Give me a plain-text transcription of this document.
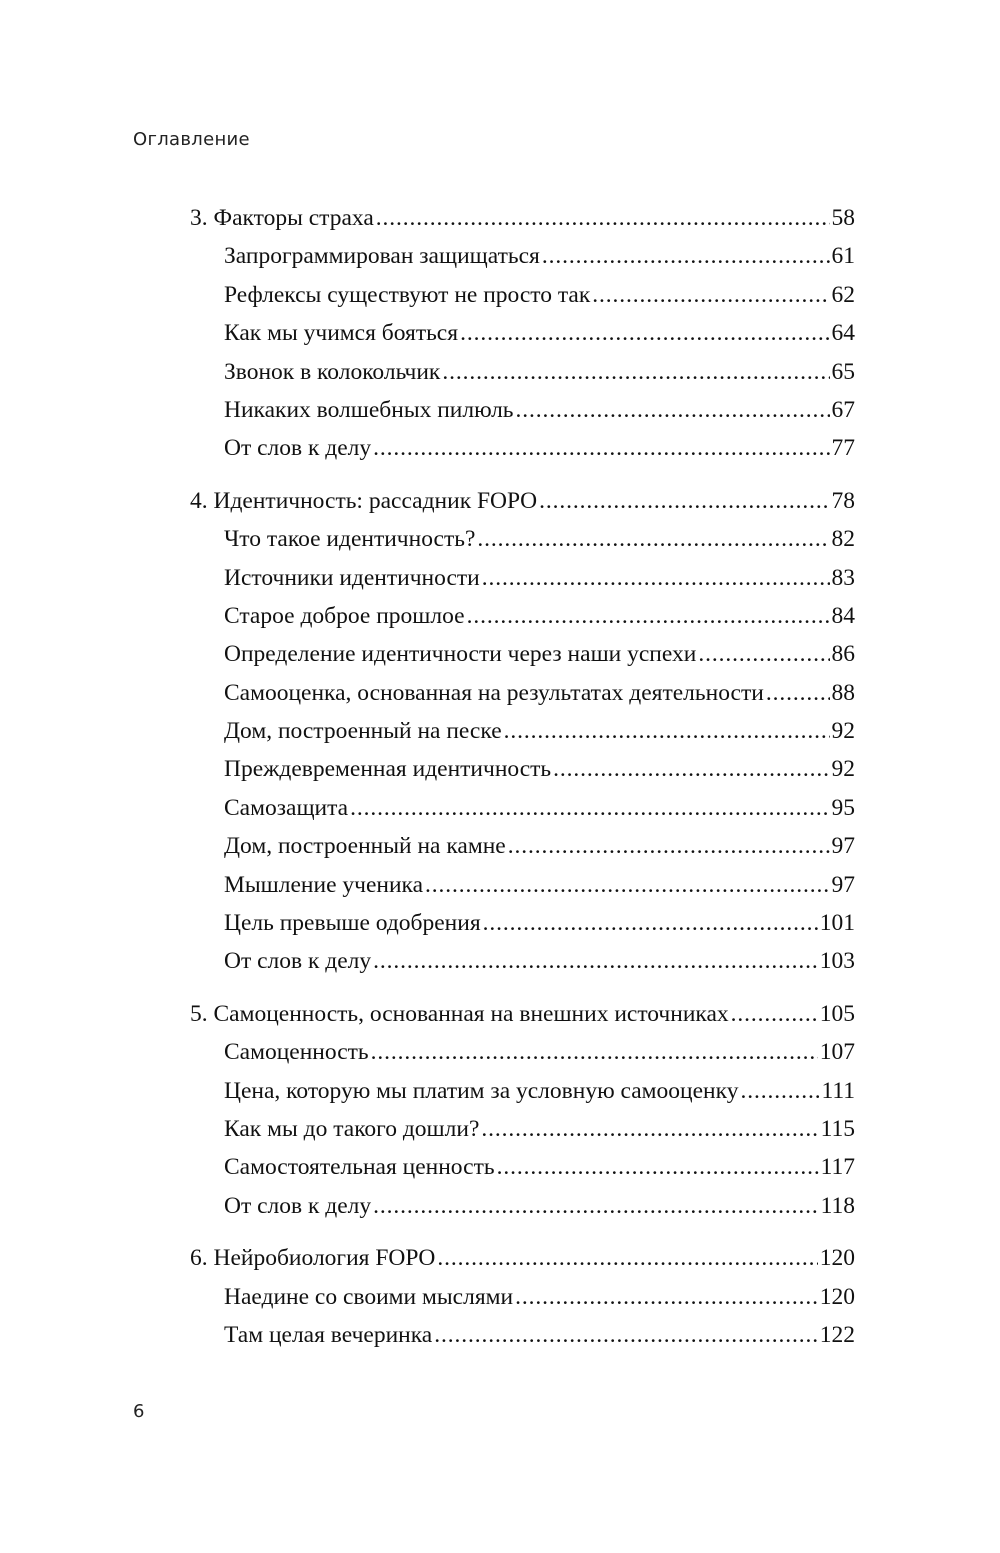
Оглавление
3. Факторы страха . . .	58
Запрограммирован защищаться . . .	61
Рефлексы существуют не просто так . . .	62
Как мы учимся бояться . . .	64
Звонок в колокольчик . . .	65
Никаких волшебных пилюль . . .	67
От слов к делу . . .	77
4. Идентичность: рассадник FOPO . . .	78
Что такое идентичность? . . .	82
Источники идентичности . . .	83
Старое доброе прошлое . . .	84
Определение идентичности через наши успехи . . .	86
Самооценка, основанная на результатах деятельности . . .	88
Дом, построенный на песке . . .	92
Преждевременная идентичность . . .	92
Самозащита . . .	95
Дом, построенный на камне . . .	97
Мышление ученика . . .	97
Цель превыше одобрения . . .	101
От слов к делу . . .	103
5. Самоценность, основанная на внешних источниках . . .	105
Самоценность . . .	107
Цена, которую мы платим за условную самооценку . . .	111
Как мы до такого дошли? . . .	115
Самостоятельная ценность . . .	117
От слов к делу . . .	118
6. Нейробиология FOPO . . .	120
Наедине со своими мыслями . . .	120
Там целая вечеринка . . .	122
6
